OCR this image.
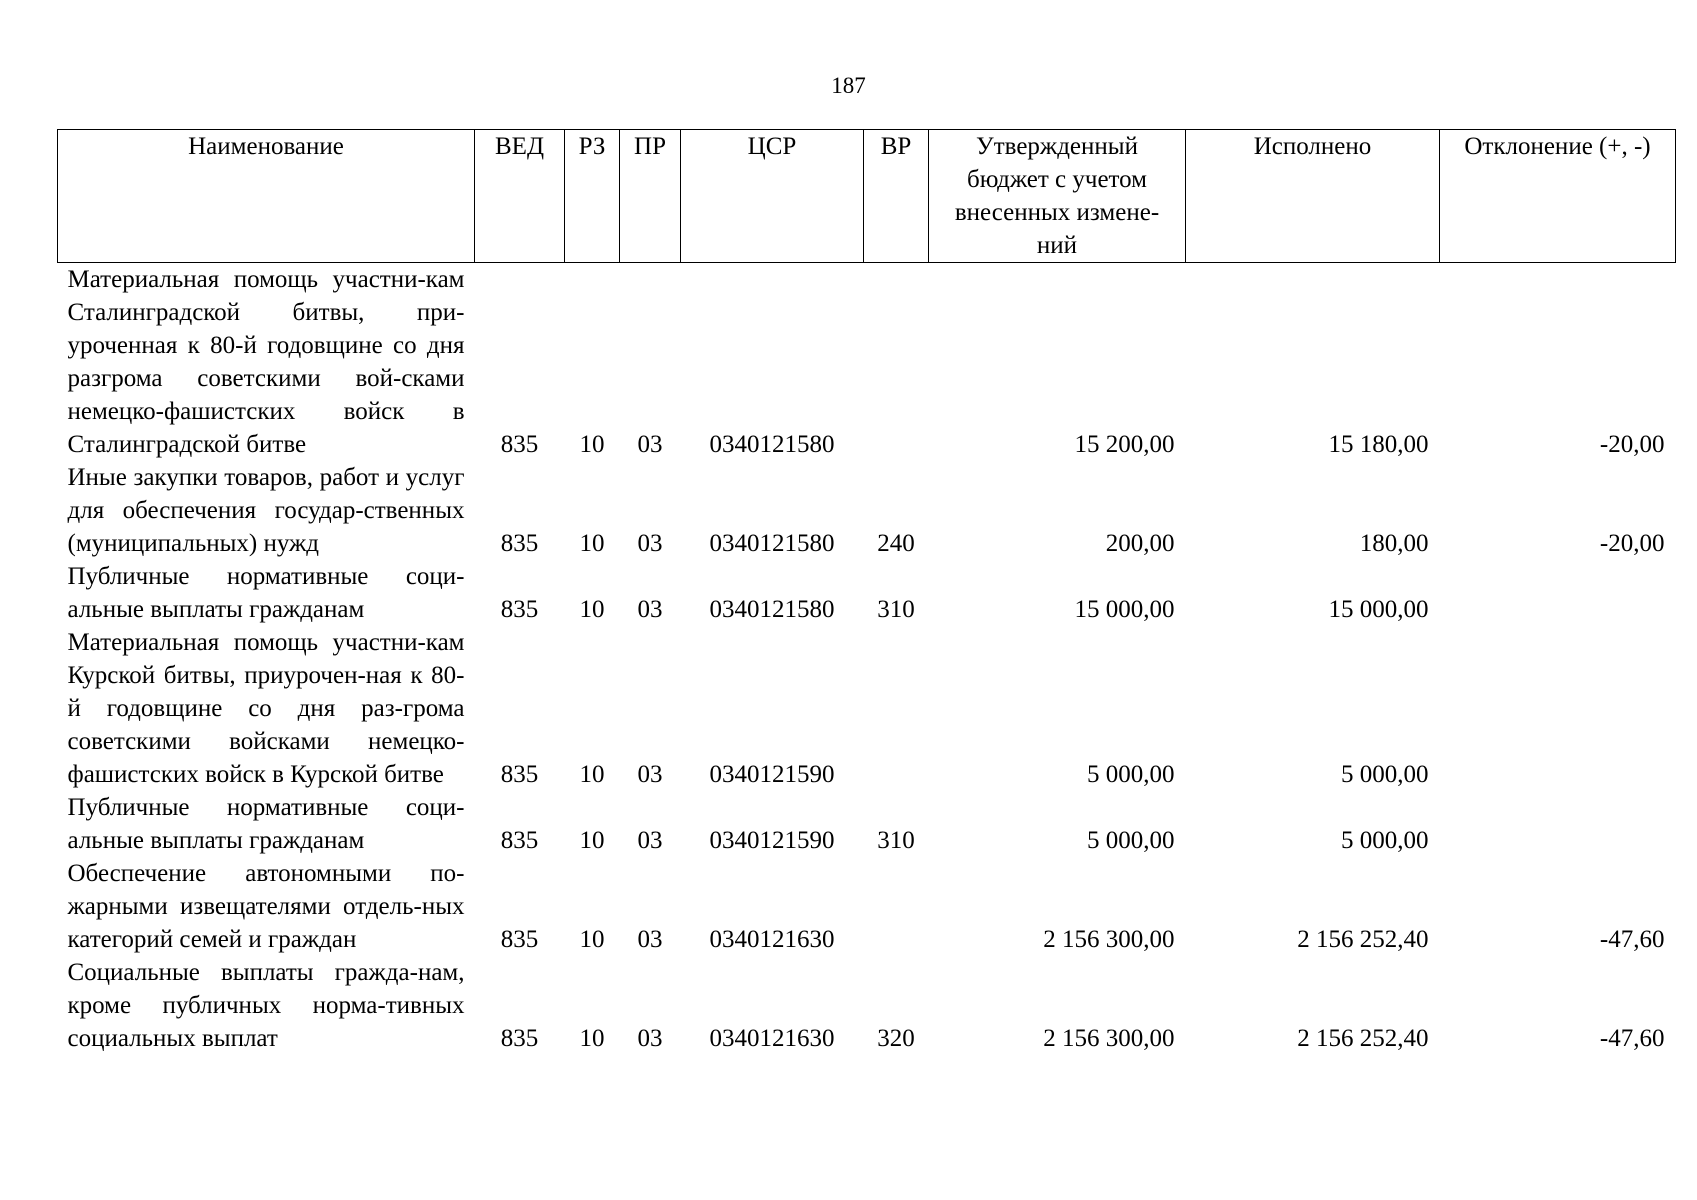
187
Наименование	ВЕД	РЗ	ПР	ЦСР	ВР	Утвержденный бюджет с учетом внесенных измене-ний	Исполнено	Отклонение (+, -)
Материальная помощь участни-кам Сталинградской битвы, при-уроченная к 80-й годовщине со дня разгрома советскими вой-сками немецко-фашистских войск в Сталинградской битве	835	10	03	0340121580		15 200,00	15 180,00	-20,00
Иные закупки товаров, работ и услуг для обеспечения государ-ственных (муниципальных) нужд	835	10	03	0340121580	240	200,00	180,00	-20,00
Публичные нормативные соци-альные выплаты гражданам	835	10	03	0340121580	310	15 000,00	15 000,00	
Материальная помощь участни-кам Курской битвы, приурочен-ная к 80-й годовщине со дня раз-грома советскими войсками немецко-фашистских войск в Курской битве	835	10	03	0340121590		5 000,00	5 000,00	
Публичные нормативные соци-альные выплаты гражданам	835	10	03	0340121590	310	5 000,00	5 000,00	
Обеспечение автономными по-жарными извещателями отдель-ных категорий семей и граждан	835	10	03	0340121630		2 156 300,00	2 156 252,40	-47,60
Социальные выплаты гражда-нам, кроме публичных норма-тивных социальных выплат	835	10	03	0340121630	320	2 156 300,00	2 156 252,40	-47,60
